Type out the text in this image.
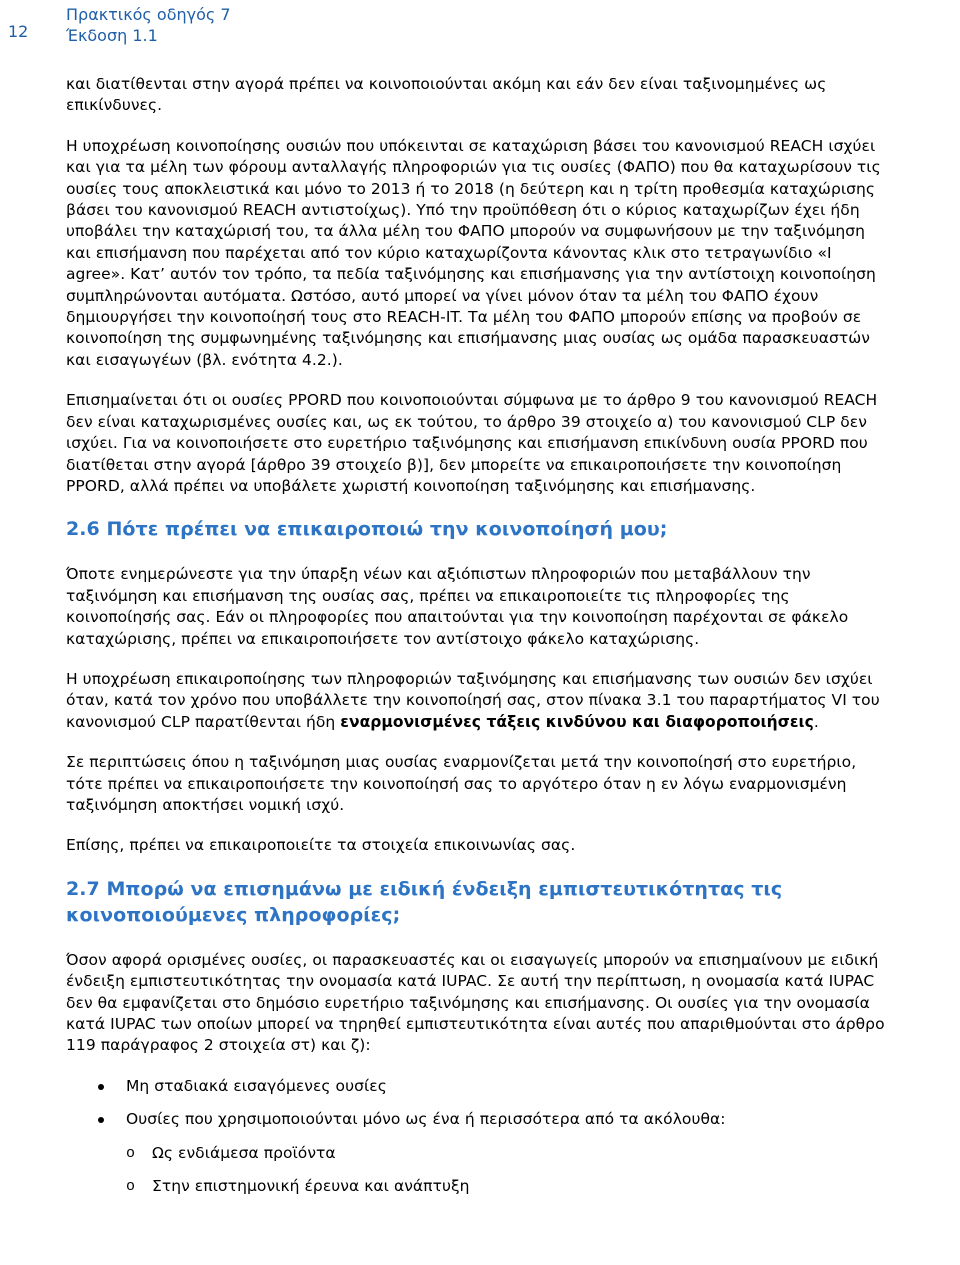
12
Πρακτικός οδηγός 7
Έκδοση 1.1

και διατίθενται στην αγορά πρέπει να κοινοποιούνται ακόμη και εάν δεν είναι ταξινομημένες ως επικίνδυνες.

Η υποχρέωση κοινοποίησης ουσιών που υπόκεινται σε καταχώριση βάσει του κανονισμού REACH ισχύει και για τα μέλη των φόρουμ ανταλλαγής πληροφοριών για τις ουσίες (ΦΑΠΟ) που θα καταχωρίσουν τις ουσίες τους αποκλειστικά και μόνο το 2013 ή το 2018 (η δεύτερη και η τρίτη προθεσμία καταχώρισης βάσει του κανονισμού REACH αντιστοίχως). Υπό την προϋπόθεση ότι ο κύριος καταχωρίζων έχει ήδη υποβάλει την καταχώρισή του, τα άλλα μέλη του ΦΑΠΟ μπορούν να συμφωνήσουν με την ταξινόμηση και επισήμανση που παρέχεται από τον κύριο καταχωρίζοντα κάνοντας κλικ στο τετραγωνίδιο «I agree». Κατ’ αυτόν τον τρόπο, τα πεδία ταξινόμησης και επισήμανσης για την αντίστοιχη κοινοποίηση συμπληρώνονται αυτόματα. Ωστόσο, αυτό μπορεί να γίνει μόνον όταν τα μέλη του ΦΑΠΟ έχουν δημιουργήσει την κοινοποίησή τους στο REACH-IT. Τα μέλη του ΦΑΠΟ μπορούν επίσης να προβούν σε κοινοποίηση της συμφωνημένης ταξινόμησης και επισήμανσης μιας ουσίας ως ομάδα παρασκευαστών και εισαγωγέων (βλ. ενότητα 4.2.).

Επισημαίνεται ότι οι ουσίες PPORD που κοινοποιούνται σύμφωνα με το άρθρο 9 του κανονισμού REACH δεν είναι καταχωρισμένες ουσίες και, ως εκ τούτου, το άρθρο 39 στοιχείο α) του κανονισμού CLP δεν ισχύει. Για να κοινοποιήσετε στο ευρετήριο ταξινόμησης και επισήμανση επικίνδυνη ουσία PPORD που διατίθεται στην αγορά [άρθρο 39 στοιχείο β)], δεν μπορείτε να επικαιροποιήσετε την κοινοποίηση PPORD, αλλά πρέπει να υποβάλετε χωριστή κοινοποίηση ταξινόμησης και επισήμανσης.

2.6 Πότε πρέπει να επικαιροποιώ την κοινοποίησή μου;

Όποτε ενημερώνεστε για την ύπαρξη νέων και αξιόπιστων πληροφοριών που μεταβάλλουν την ταξινόμηση και επισήμανση της ουσίας σας, πρέπει να επικαιροποιείτε τις πληροφορίες της κοινοποίησής σας. Εάν οι πληροφορίες που απαιτούνται για την κοινοποίηση παρέχονται σε φάκελο καταχώρισης, πρέπει να επικαιροποιήσετε τον αντίστοιχο φάκελο καταχώρισης.

Η υποχρέωση επικαιροποίησης των πληροφοριών ταξινόμησης και επισήμανσης των ουσιών δεν ισχύει όταν, κατά τον χρόνο που υποβάλλετε την κοινοποίησή σας, στον πίνακα 3.1 του παραρτήματος VI του κανονισμού CLP παρατίθενται ήδη εναρμονισμένες τάξεις κινδύνου και διαφοροποιήσεις.

Σε περιπτώσεις όπου η ταξινόμηση μιας ουσίας εναρμονίζεται μετά την κοινοποίησή στο ευρετήριο, τότε πρέπει να επικαιροποιήσετε την κοινοποίησή σας το αργότερο όταν η εν λόγω εναρμονισμένη ταξινόμηση αποκτήσει νομική ισχύ.

Επίσης, πρέπει να επικαιροποιείτε τα στοιχεία επικοινωνίας σας.

2.7 Μπορώ να επισημάνω με ειδική ένδειξη εμπιστευτικότητας τις κοινοποιούμενες πληροφορίες;

Όσον αφορά ορισμένες ουσίες, οι παρασκευαστές και οι εισαγωγείς μπορούν να επισημαίνουν με ειδική ένδειξη εμπιστευτικότητας την ονομασία κατά IUPAC. Σε αυτή την περίπτωση, η ονομασία κατά IUPAC δεν θα εμφανίζεται στο δημόσιο ευρετήριο ταξινόμησης και επισήμανσης. Οι ουσίες για την ονομασία κατά IUPAC των οποίων μπορεί να τηρηθεί εμπιστευτικότητα είναι αυτές που απαριθμούνται στο άρθρο 119 παράγραφος 2 στοιχεία στ) και ζ):

Μη σταδιακά εισαγόμενες ουσίες
Ουσίες που χρησιμοποιούνται μόνο ως ένα ή περισσότερα από τα ακόλουθα:
o Ως ενδιάμεσα προϊόντα
o Στην επιστημονική έρευνα και ανάπτυξη
